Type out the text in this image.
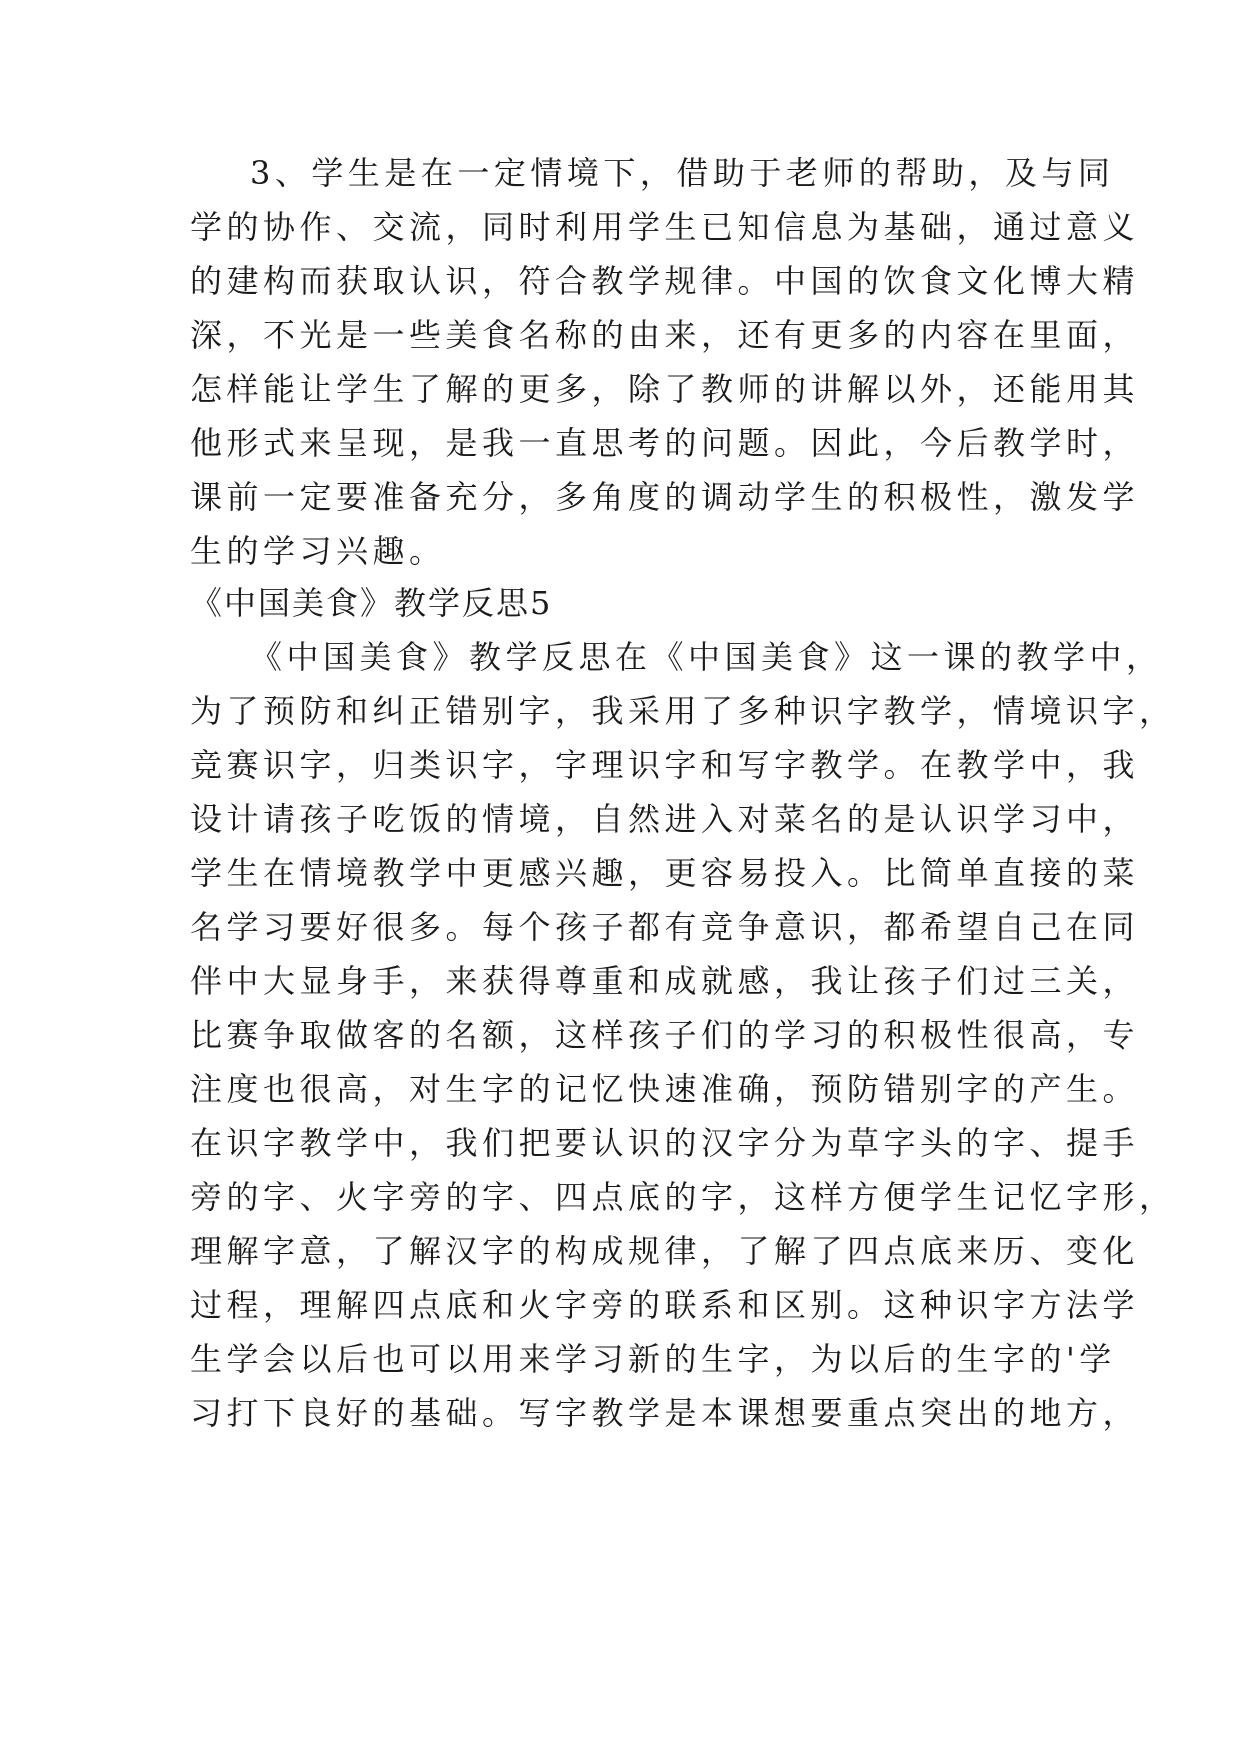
3、学生是在一定情境下，借助于老师的帮助，及与同
学的协作、交流，同时利用学生已知信息为基础，通过意义
的建构而获取认识，符合教学规律。中国的饮食文化博大精
深，不光是一些美食名称的由来，还有更多的内容在里面，
怎样能让学生了解的更多，除了教师的讲解以外，还能用其
他形式来呈现，是我一直思考的问题。因此，今后教学时，
课前一定要准备充分，多角度的调动学生的积极性，激发学
生的学习兴趣。
《中国美食》教学反思5
《中国美食》教学反思在《中国美食》这一课的教学中，
为了预防和纠正错别字，我采用了多种识字教学，情境识字，
竞赛识字，归类识字，字理识字和写字教学。在教学中，我
设计请孩子吃饭的情境，自然进入对菜名的是认识学习中，
学生在情境教学中更感兴趣，更容易投入。比简单直接的菜
名学习要好很多。每个孩子都有竞争意识，都希望自己在同
伴中大显身手，来获得尊重和成就感，我让孩子们过三关，
比赛争取做客的名额，这样孩子们的学习的积极性很高，专
注度也很高，对生字的记忆快速准确，预防错别字的产生。
在识字教学中，我们把要认识的汉字分为草字头的字、提手
旁的字、火字旁的字、四点底的字，这样方便学生记忆字形，
理解字意，了解汉字的构成规律，了解了四点底来历、变化
过程，理解四点底和火字旁的联系和区别。这种识字方法学
生学会以后也可以用来学习新的生字，为以后的生字的'学
习打下良好的基础。写字教学是本课想要重点突出的地方，
